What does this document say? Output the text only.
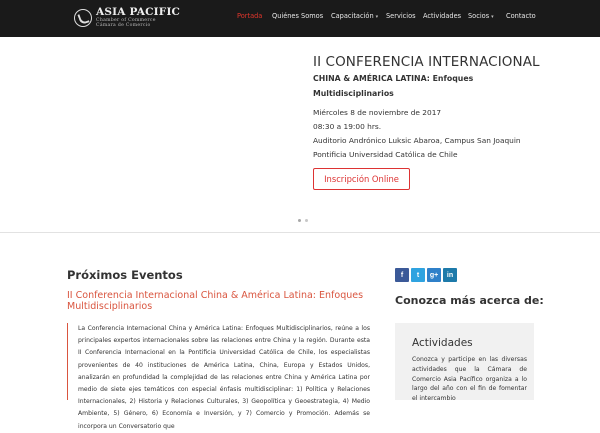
ASIA PACIFIC
Chamber of Commerce
Cámara de Comercio
Portada Quiénes Somos Capacitación ▾ Servicios Actividades Socios ▾ Contacto
II CONFERENCIA INTERNACIONAL
CHINA & AMÉRICA LATINA: Enfoques Multidisciplinarios
Miércoles 8 de noviembre de 2017
08:30 a 19:00 hrs.
Auditorio Andrónico Luksic Abaroa, Campus San Joaquin
Pontificia Universidad Católica de Chile
Inscripción Online
Próximos Eventos
II Conferencia Internacional China & América Latina: Enfoques Multidisciplinarios
La Conferencia Internacional China y América Latina: Enfoques Multidisciplinarios, reúne a los principales expertos internacionales sobre las relaciones entre China y la región. Durante esta II Conferencia Internacional en la Pontificia Universidad Católica de Chile, los especialistas provenientes de 40 instituciones de América Latina, China, Europa y Estados Unidos, analizarán en profundidad la complejidad de las relaciones entre China y América Latina por medio de siete ejes temáticos con especial énfasis multidisciplinar: 1) Política y Relaciones Internacionales, 2) Historia y Relaciones Culturales, 3) Geopolítica y Geoestrategia, 4) Medio Ambiente, 5) Género, 6) Economía e Inversión, y 7) Comercio y Promoción. Además se incorpora un Conversatorio que
f	t	g+	in
Conozca más acerca de:
Actividades
Conozca y participe en las diversas actividades que la Cámara de Comercio Asia Pacífico organiza a lo largo del año con el fin de fomentar el intercambio
